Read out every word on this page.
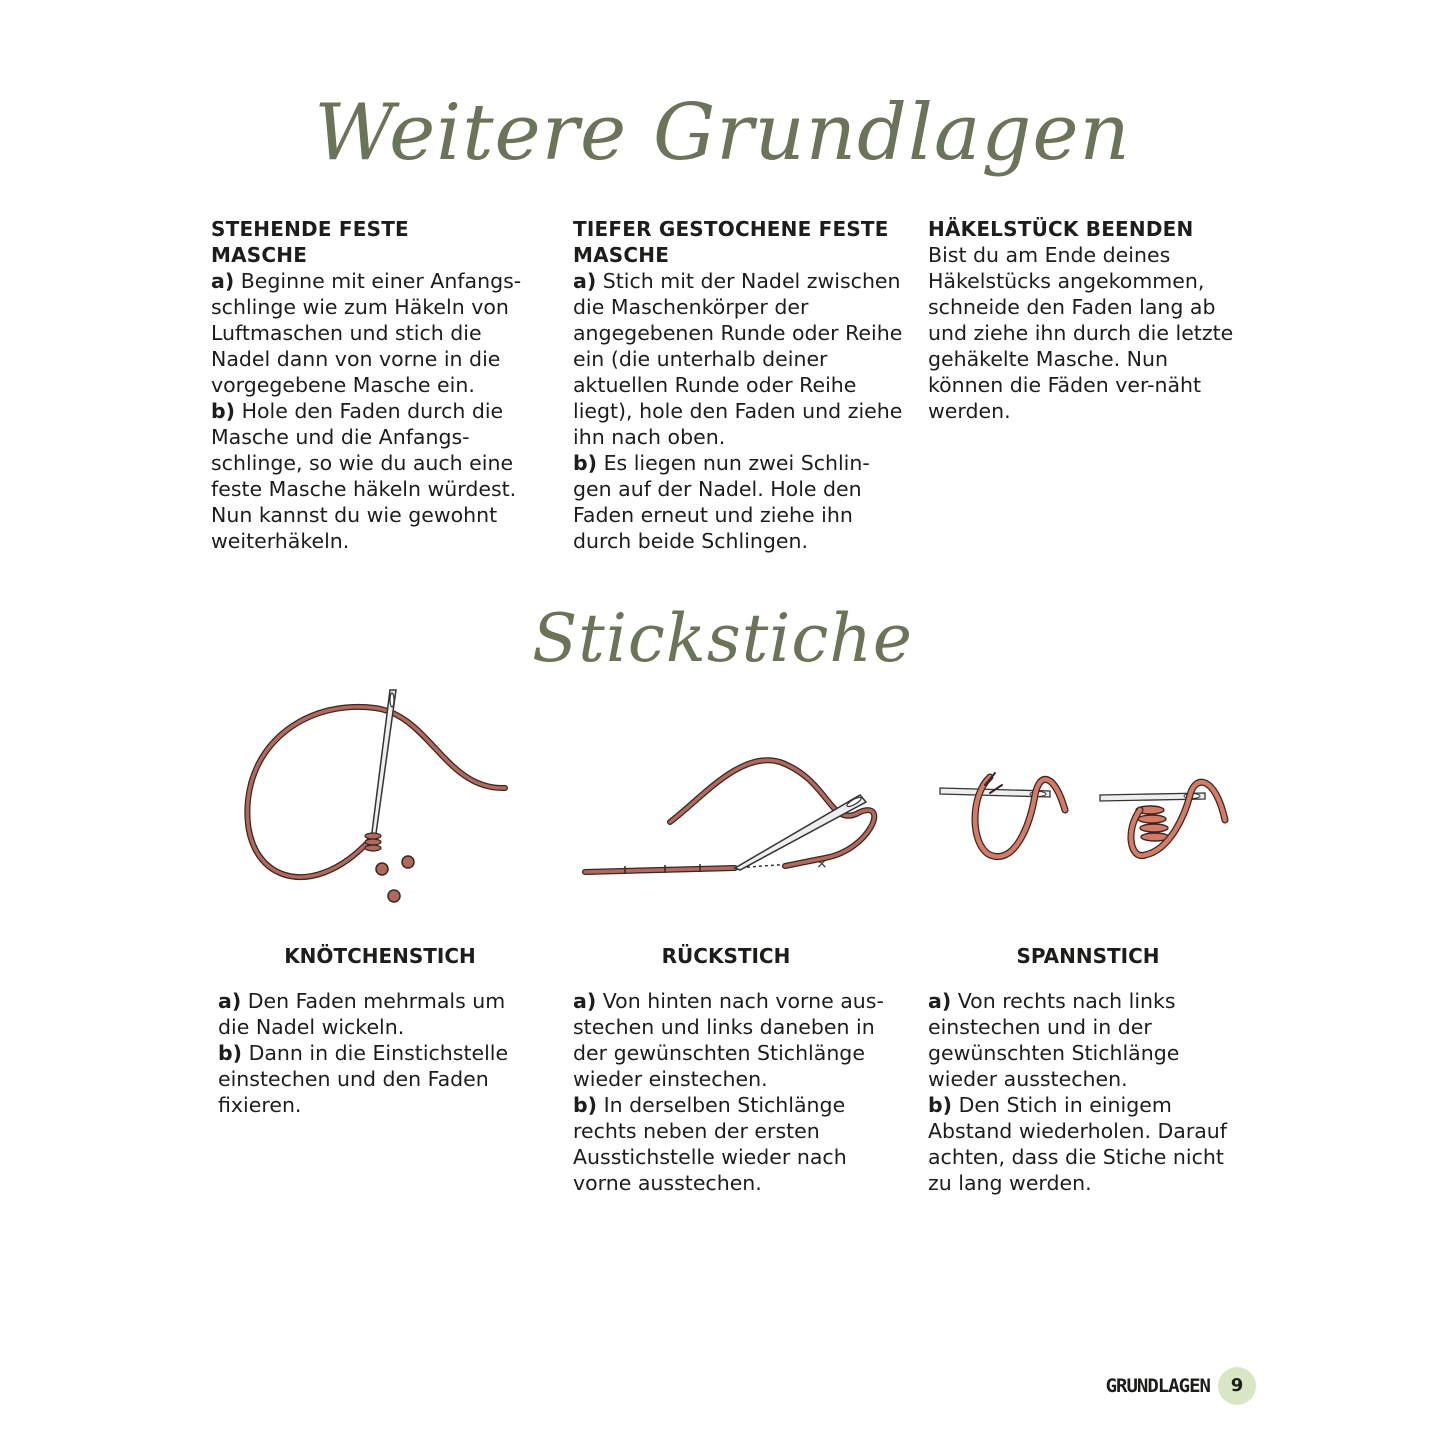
Weitere Grundlagen
STEHENDE FESTE
MASCHE

a) Beginne mit einer Anfangs-schlinge wie zum Häkeln von Luftmaschen und stich die Nadel dann von vorne in die vorgegebene Masche ein.

b) Hole den Faden durch die Masche und die Anfangs-schlinge, so wie du auch eine feste Masche häkeln würdest. Nun kannst du wie gewohnt weiterhäkeln.

TIEFER GESTOCHENE FESTE
MASCHE

a) Stich mit der Nadel zwischen die Maschenkörper der angegebenen Runde oder Reihe ein (die unterhalb deiner aktuellen Runde oder Reihe liegt), hole den Faden und ziehe ihn nach oben.

b) Es liegen nun zwei Schlin-gen auf der Nadel. Hole den Faden erneut und ziehe ihn durch beide Schlingen.

HÄKELSTÜCK BEENDEN

Bist du am Ende deines Häkelstücks angekommen, schneide den Faden lang ab und ziehe ihn durch die letzte gehäkelte Masche. Nun können die Fäden ver-näht werden.

Stickstiche
×
KNÖTCHENSTICH	RÜCKSTICH	SPANNSTICH

a) Den Faden mehrmals um die Nadel wickeln.

b) Dann in die Einstichstelle einstechen und den Faden fixieren.

a) Von hinten nach vorne aus-stechen und links daneben in der gewünschten Stichlänge wieder einstechen.

b) In derselben Stichlänge rechts neben der ersten Ausstichstelle wieder nach vorne ausstechen.

a) Von rechts nach links einstechen und in der gewünschten Stichlänge wieder ausstechen.

b) Den Stich in einigem Abstand wiederholen. Darauf achten, dass die Stiche nicht zu lang werden.

GRUNDLAGEN	9
